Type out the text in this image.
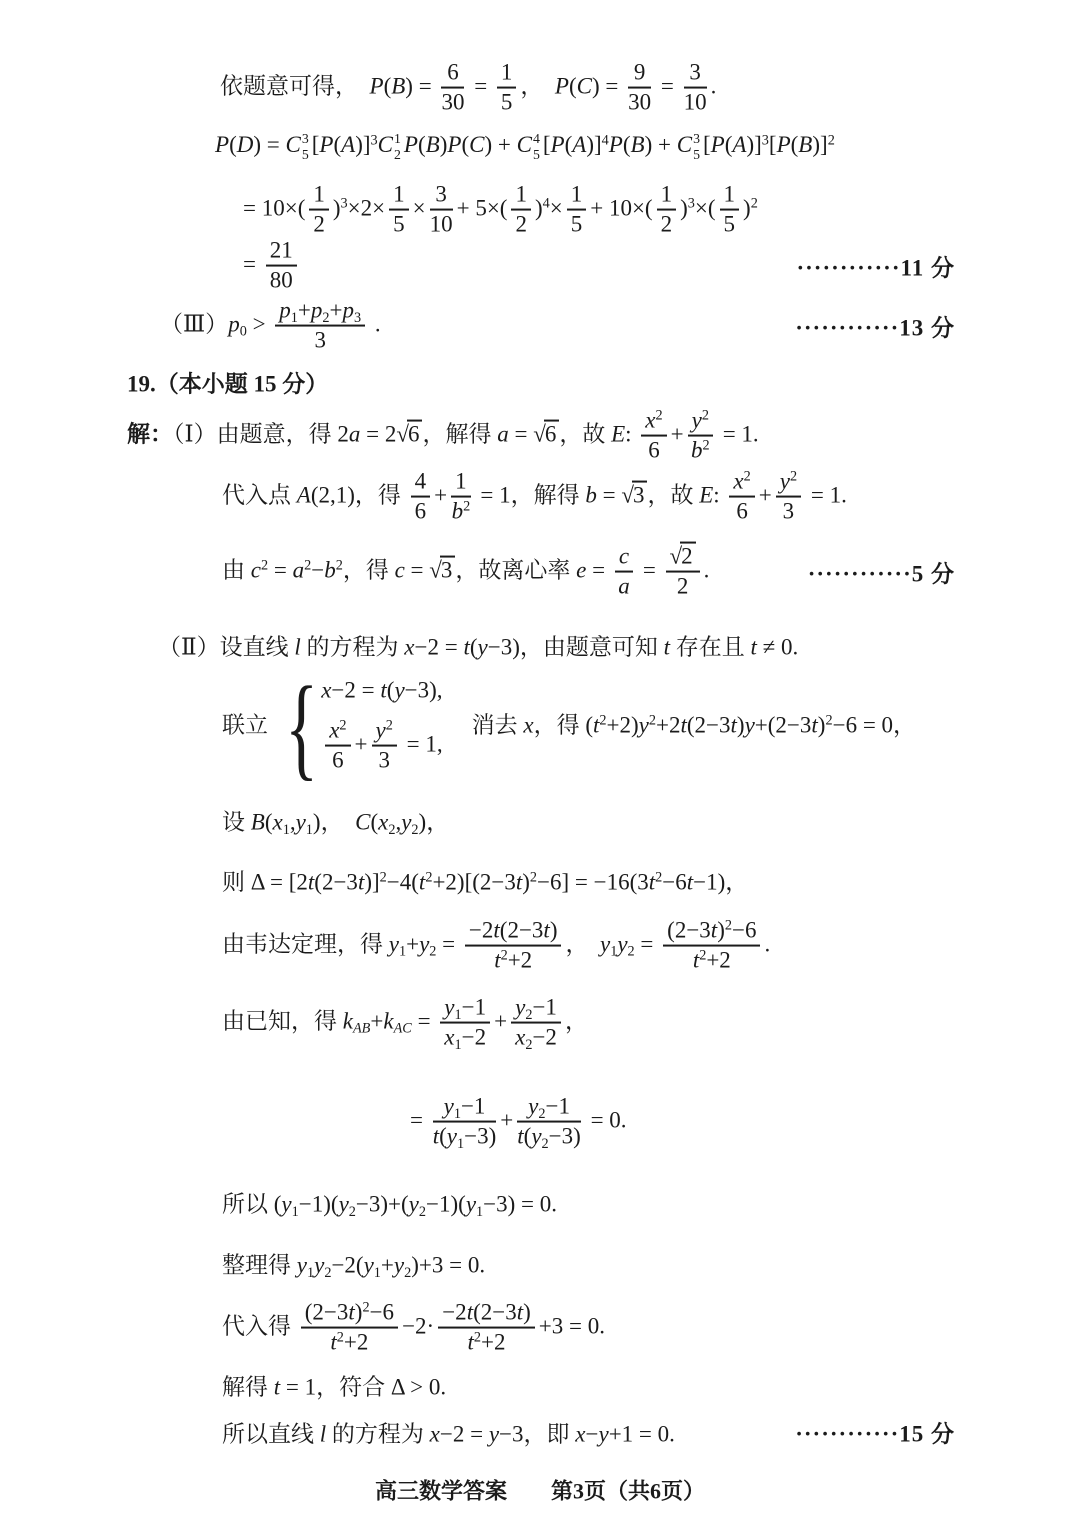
依题意可得，　$P(B) = \frac{6}{30} = \frac{1}{5}$ ，　$P(C) = \frac{9}{30} = \frac{3}{10}$ .
P(D) = C 3
5 $[P(A)]^3C$ 1
2 P(B)P(C) + C 4
5 $[P(A)]^4P(B) + C$ 3
5 $[P(A)]^3[P(B)]^2$
= $10\times( \frac{1}{2} )^3\times 2\times \frac{1}{5} \times \frac{3}{10} + 5\times( \frac{1}{2} )^4\times \frac{1}{5} + 10\times( \frac{1}{2} )^3\times( \frac{1}{5} )^2$
= $\frac{21}{80}$	············11 分
$(Ⅲ)p_0 > \frac{p_1+p_2+p_3}{3}$ .	············13 分
19.（本小题 15 分）
解：（Ⅰ）由题意，得 2a = 2√6 ，解得 a = √6 ，故 E: $\frac{x^2}{6} + \frac{y^2}{b^2} = 1$.
代入点 A(2,1)，得 $\frac{4}{6} + \frac{1}{b^2} = 1$，解得 b = √3 ，故 E: $\frac{x^2}{6} + \frac{y^2}{3} = 1$.
由 $c^2 = a^2-b^2$，得 c = √3 ，故离心率 $e = \frac{c}{a} = \frac{√2}{2}$ .	············5 分
（Ⅱ）设直线 l 的方程为 x−2 = t(y−3)，由题意可知 t 存在且 t ≠ 0.
联立 { x−2 = t(y−3),
$\frac{x^2}{6} + \frac{y^2}{3} = 1$,
　消去 x，得 $(t^2+2)y^2+2t(2-3t)y+(2-3t)^2-6 = 0$，
设 $B(x_1,y_1)$，　$C(x_2,y_2)$，
则 $\Delta = [2t(2-3t)]^2-4(t^2+2)[(2-3t)^2-6] = -16(3t^2-6t-1)$，
由韦达定理，得 $y_1+y_2 = \frac{-2t(2-3t)}{t^2+2}$ ，　$y_1y_2 = \frac{(2-3t)^2-6}{t^2+2}$ .
由已知，得 $k_{AB}+k_{AC} = \frac{y_1-1}{x_1-2} + \frac{y_2-1}{x_2-2}$ ，
= $\frac{y_1-1}{t(y_1-3)} + \frac{y_2-1}{t(y_2-3)} = 0$.
所以 $(y_1-1)(y_2-3)+(y_2-1)(y_1-3) = 0$.
整理得 $y_1y_2-2(y_1+y_2)+3 = 0$.
代入得 $\frac{(2-3t)^2-6}{t^2+2} -2\cdot \frac{-2t(2-3t)}{t^2+2} +3 = 0$.
解得 t = 1，符合 Δ > 0.
所以直线 l 的方程为 x−2 = y−3，即 x−y+1 = 0.	············15 分
高三数学答案　　第3页（共6页）
